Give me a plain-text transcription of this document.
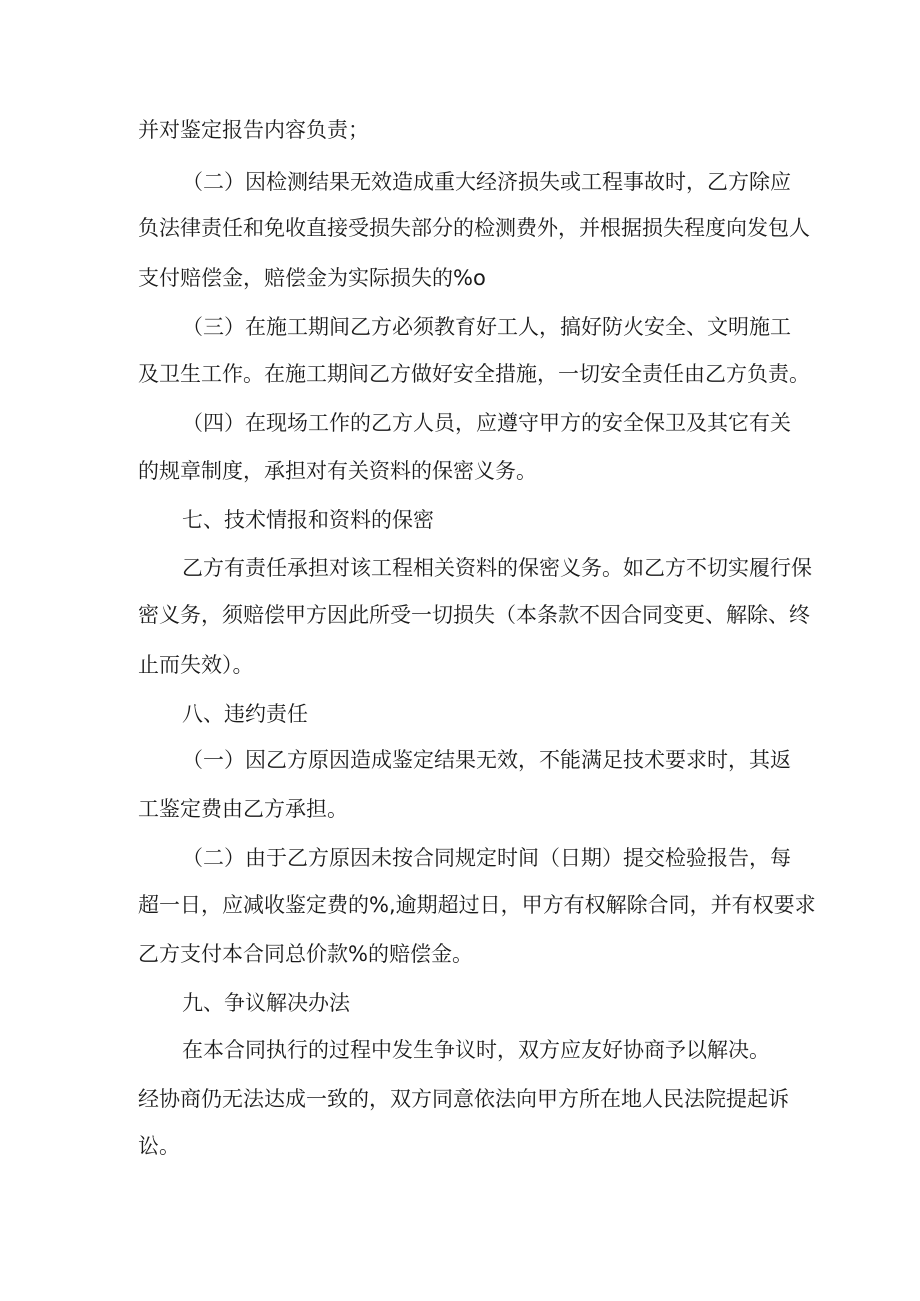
并对鉴定报告内容负责；
（二）因检测结果无效造成重大经济损失或工程事故时，乙方除应
负法律责任和免收直接受损失部分的检测费外，并根据损失程度向发包人
支付赔偿金，赔偿金为实际损失的%o
（三）在施工期间乙方必须教育好工人，搞好防火安全、文明施工
及卫生工作。在施工期间乙方做好安全措施，一切安全责任由乙方负责。
（四）在现场工作的乙方人员，应遵守甲方的安全保卫及其它有关
的规章制度，承担对有关资料的保密义务。
七、技术情报和资料的保密
乙方有责任承担对该工程相关资料的保密义务。如乙方不切实履行保
密义务，须赔偿甲方因此所受一切损失（本条款不因合同变更、解除、终
止而失效）。
八、违约责任
（一）因乙方原因造成鉴定结果无效，不能满足技术要求时，其返
工鉴定费由乙方承担。
（二）由于乙方原因未按合同规定时间（日期）提交检验报告，每
超一日，应减收鉴定费的%,逾期超过日，甲方有权解除合同，并有权要求
乙方支付本合同总价款%的赔偿金。
九、争议解决办法
在本合同执行的过程中发生争议时，双方应友好协商予以解决。
经协商仍无法达成一致的，双方同意依法向甲方所在地人民法院提起诉
讼。
